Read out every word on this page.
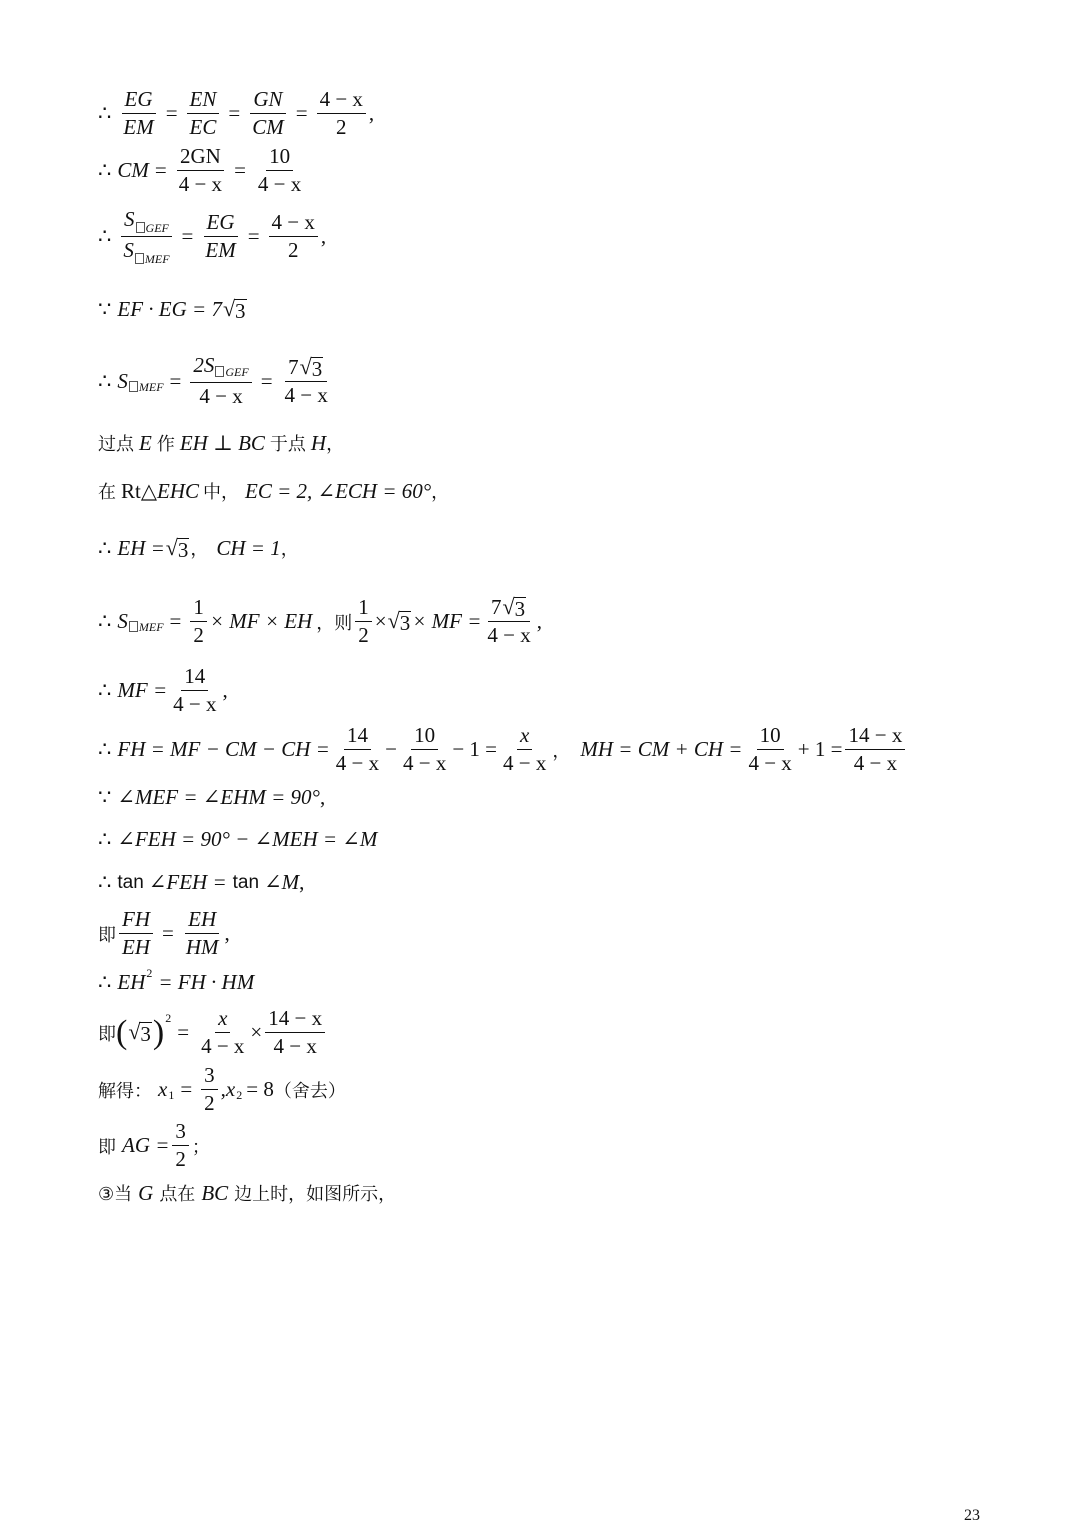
∴ $\frac{EG}{EM} = \frac{EN}{EC} = \frac{GN}{CM} = \frac{4 - x}{2}$ ,
∴ CM = $\frac{2GN}{4 - x} = \frac{10}{4 - x}$
∴
S $_{GEF}$
S $_{MEF}$
= $\frac{EG}{EM} = \frac{4 - x}{2}$ ,
∵ EF · EG = 7 √ 3
∴ S MEF =
2S GEF
4 − x
= $\frac{7 √ 3}{4 - x}$
过点 E 作 EH ⊥ BC 于点 H ，
在 Rt△ EHC 中， EC = 2, ∠ECH = 60° ，
∴ EH = √ 3 ， CH = 1 ，
∴ S MEF = $\frac{1}{2}$ × MF × EH ，则 $\frac{1}{2}$ × √ 3 × MF = $\frac{7 √ 3}{4 - x}$ ,
∴ MF = $\frac{14}{4 - x}$ ,
∴ FH = MF − CM − CH = $\frac{14}{4 - x} - \frac{10}{4 - x} - 1 = \frac{x}{4 - x}$ ， MH = CM + CH = $\frac{10}{4 - x} + 1 = \frac{14 - x}{4 - x}$
∵ ∠MEF = ∠EHM = 90° ,
∴ ∠FEH = 90° − ∠MEH = ∠M
∴ tan ∠FEH = tan ∠M ,
即 $\frac{FH}{EH} = \frac{EH}{HM}$ ,
∴ EH 2 = FH · HM
即 ( √ 3 ) 2
= $\frac{x}{4 - x} \times \frac{14 - x}{4 - x}$
解得： x $1 = \frac{3}{2}$ , x 2 = 8 （舍去）
即 AG = $\frac{3}{2}$ ；
③当 G 点在 BC 边上时，如图所示，
23
